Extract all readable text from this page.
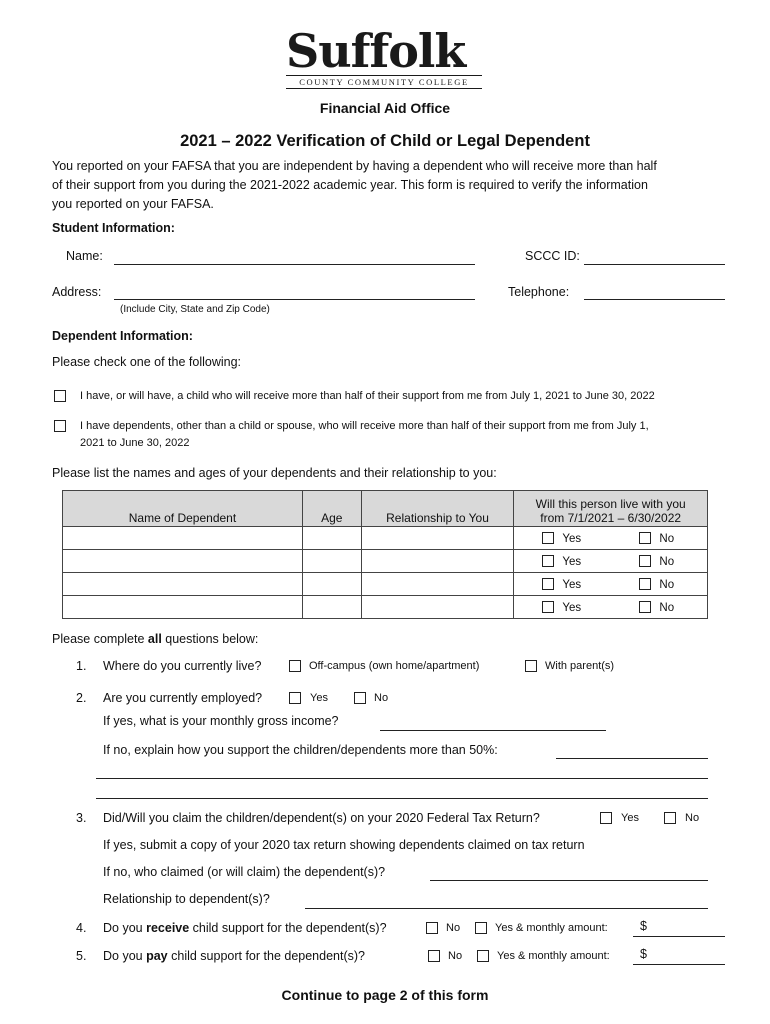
Suffolk
COUNTY COMMUNITY COLLEGE
Financial Aid Office
2021 – 2022 Verification of Child or Legal Dependent
You reported on your FAFSA that you are independent by having a dependent who will receive more than half
of their support from you during the 2021-2022 academic year. This form is required to verify the information
you reported on your FAFSA.
Student Information:
Name:	SCCC ID:
Address:
(Include City, State and Zip Code)
Telephone:
Dependent Information:
Please check one of the following:
I have, or will have, a child who will receive more than half of their support from me from July 1, 2021 to June 30, 2022
I have dependents, other than a child or spouse, who will receive more than half of their support from me from July 1,
2021 to June 30, 2022
Please list the names and ages of your dependents and their relationship to you:
Name of Dependent	Age	Relationship to You	Will this person live with you
from 7/1/2021 – 6/30/2022

			Yes No

			Yes No

			Yes No

			Yes No
Please complete all questions below:
1. Where do you currently live?	Off-campus (own home/apartment)	With parent(s)
2. Are you currently employed?	Yes	No
If yes, what is your monthly gross income?
If no, explain how you support the children/dependents more than 50%:
3. Did/Will you claim the children/dependent(s) on your 2020 Federal Tax Return?	Yes	No
If yes, submit a copy of your 2020 tax return showing dependents claimed on tax return
If no, who claimed (or will claim) the dependent(s)?
Relationship to dependent(s)?
4. Do you receive child support for the dependent(s)?	No	Yes & monthly amount:	$
5. Do you pay child support for the dependent(s)?	No	Yes & monthly amount: $
Continue to page 2 of this form
